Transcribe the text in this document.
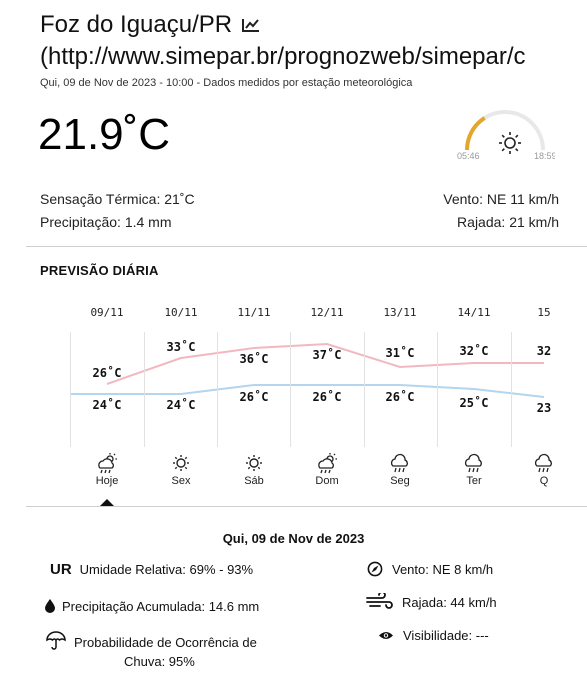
Foz do Iguaçu/PR
(http://www.simepar.br/prognozweb/simepar/c
Qui, 09 de Nov de 2023 - 10:00 - Dados medidos por estação meteorológica
21.9˚C	05:46	18:59
Sensação Térmica: 21˚C
Precipitação: 1.4 mm
Vento: NE 11 km/h
Rajada: 21 km/h
PREVISÃO DIÁRIA
09/11
26˚C
24˚C
Hoje
10/11
33˚C
24˚C
Sex
11/11
36˚C
26˚C
Sáb
12/11
37˚C
26˚C
Dom
13/11
31˚C
26˚C
Seg
14/11
32˚C
25˚C
Ter
15
32
23
Q
Qui, 09 de Nov de 2023
UR Umidade Relativa: 69% - 93%
Precipitação Acumulada: 14.6 mm
Probabilidade de Ocorrência de
Chuva: 95%
Vento: NE 8 km/h
Rajada: 44 km/h
Visibilidade: ---
